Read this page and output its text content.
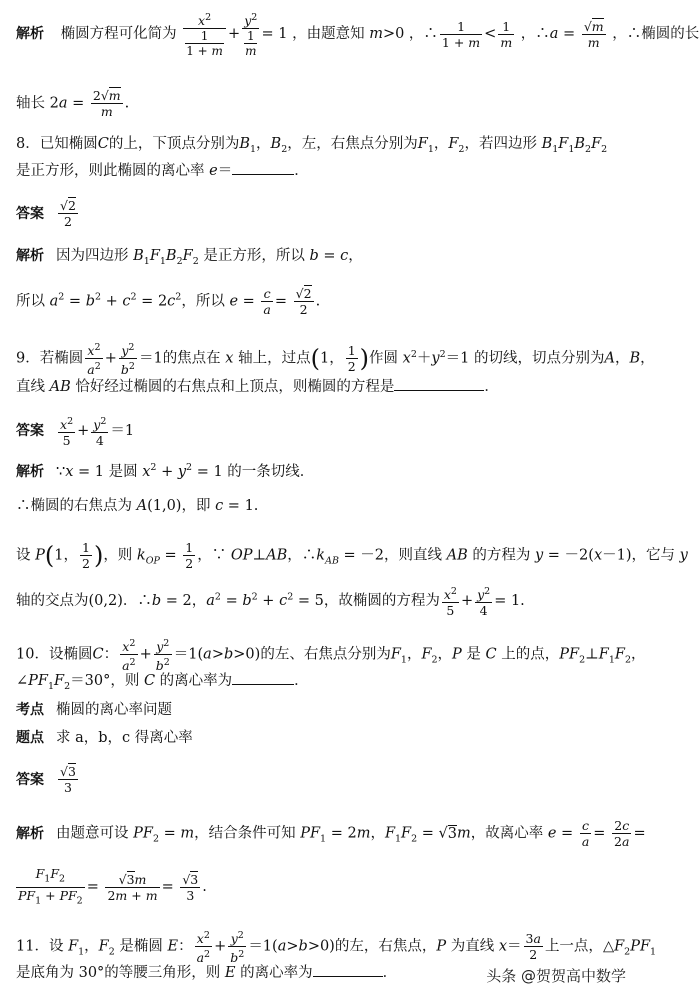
解析 椭圆方程可化简为 $\frac{x^2}{\frac{1}{1 + m}} + \frac{y^2}{\frac{1}{m}} = 1$ ，由题意知 m>0 ，∴ $\frac{1}{1 + m} < \frac{1}{m}$ ，∴a = $\frac{√m}{m}$ ，∴椭圆的长
轴长 $2a = \frac{2√m}{m}$ .
8．已知椭圆C的上，下顶点分别为$B_1$，$B_2$，左，右焦点分别为$F_1$，$F_2$，若四边形 $B_1F_1B_2F_2$
是正方形，则此椭圆的离心率 e＝	．
答案 $\frac{√2}{2}$
解析 因为四边形 $B_1F_1B_2F_2$ 是正方形，所以 b = c，
所以 $a^2 = b^2 + c^2 = 2c^2$，所以 $e = \frac{c}{a} = \frac{√2}{2}$ .
9．若椭圆 $\frac{x^2}{a^2} + \frac{y^2}{b^2} =1$的焦点在 x 轴上，过点(1， $\frac{1}{2}$ )作圆 $x^2+y^2=1$ 的切线，切点分别为A，B，
直线 AB 恰好经过椭圆的右焦点和上顶点，则椭圆的方程是	．
答案 $\frac{x^2}{5} + \frac{y^2}{4} =1$
解析 ∵x = 1 是圆 $x^2 + y^2 = 1$ 的一条切线．
∴椭圆的右焦点为 A(1,0)，即 c = 1.
设 P(1， $\frac{1}{2}$ )，则 $k_{OP} = \frac{1}{2}$ ，∵ OP⊥AB，$\therefore k_{AB} = -2$，则直线 AB 的方程为 y = －2(x－1)，它与 y
轴的交点为(0,2)．∴b = 2，$a^2 = b^2 + c^2 = 5$，故椭圆的方程为 $\frac{x^2}{5} + \frac{y^2}{4} = 1$.
10．设椭圆C： $\frac{x^2}{a^2} + \frac{y^2}{b^2} =1(a>b>0)$的左、右焦点分别为$F_1$，$F_2$，P 是 C 上的点，$PF_2\perp F_1F_2$，
$\angle PF_1F_2=30^\circ$，则 C 的离心率为	．
考点 椭圆的离心率问题
题点 求 a，b，c 得离心率
答案 $\frac{√3}{3}$
解析 由题意可设 $PF_2 = m$，结合条件可知 $PF_1 = 2m$，$F_1F_2 = √3m$，故离心率 $e = \frac{c}{a} = \frac{2c}{2a}$ =
$\frac{F_1F_2}{PF_1 + PF_2} = \frac{√3m}{2m + m} = \frac{√3}{3}$ .
11．设 $F_1$，$F_2$ 是椭圆 E： $\frac{x^2}{a^2} + \frac{y^2}{b^2} =1(a>b>0)$的左，右焦点，P 为直线 $x= \frac{3a}{2}$ 上一点，$\triangle F_2PF_1$
是底角为 30°的等腰三角形，则 E 的离心率为	．	头条 @贺贺高中数学
